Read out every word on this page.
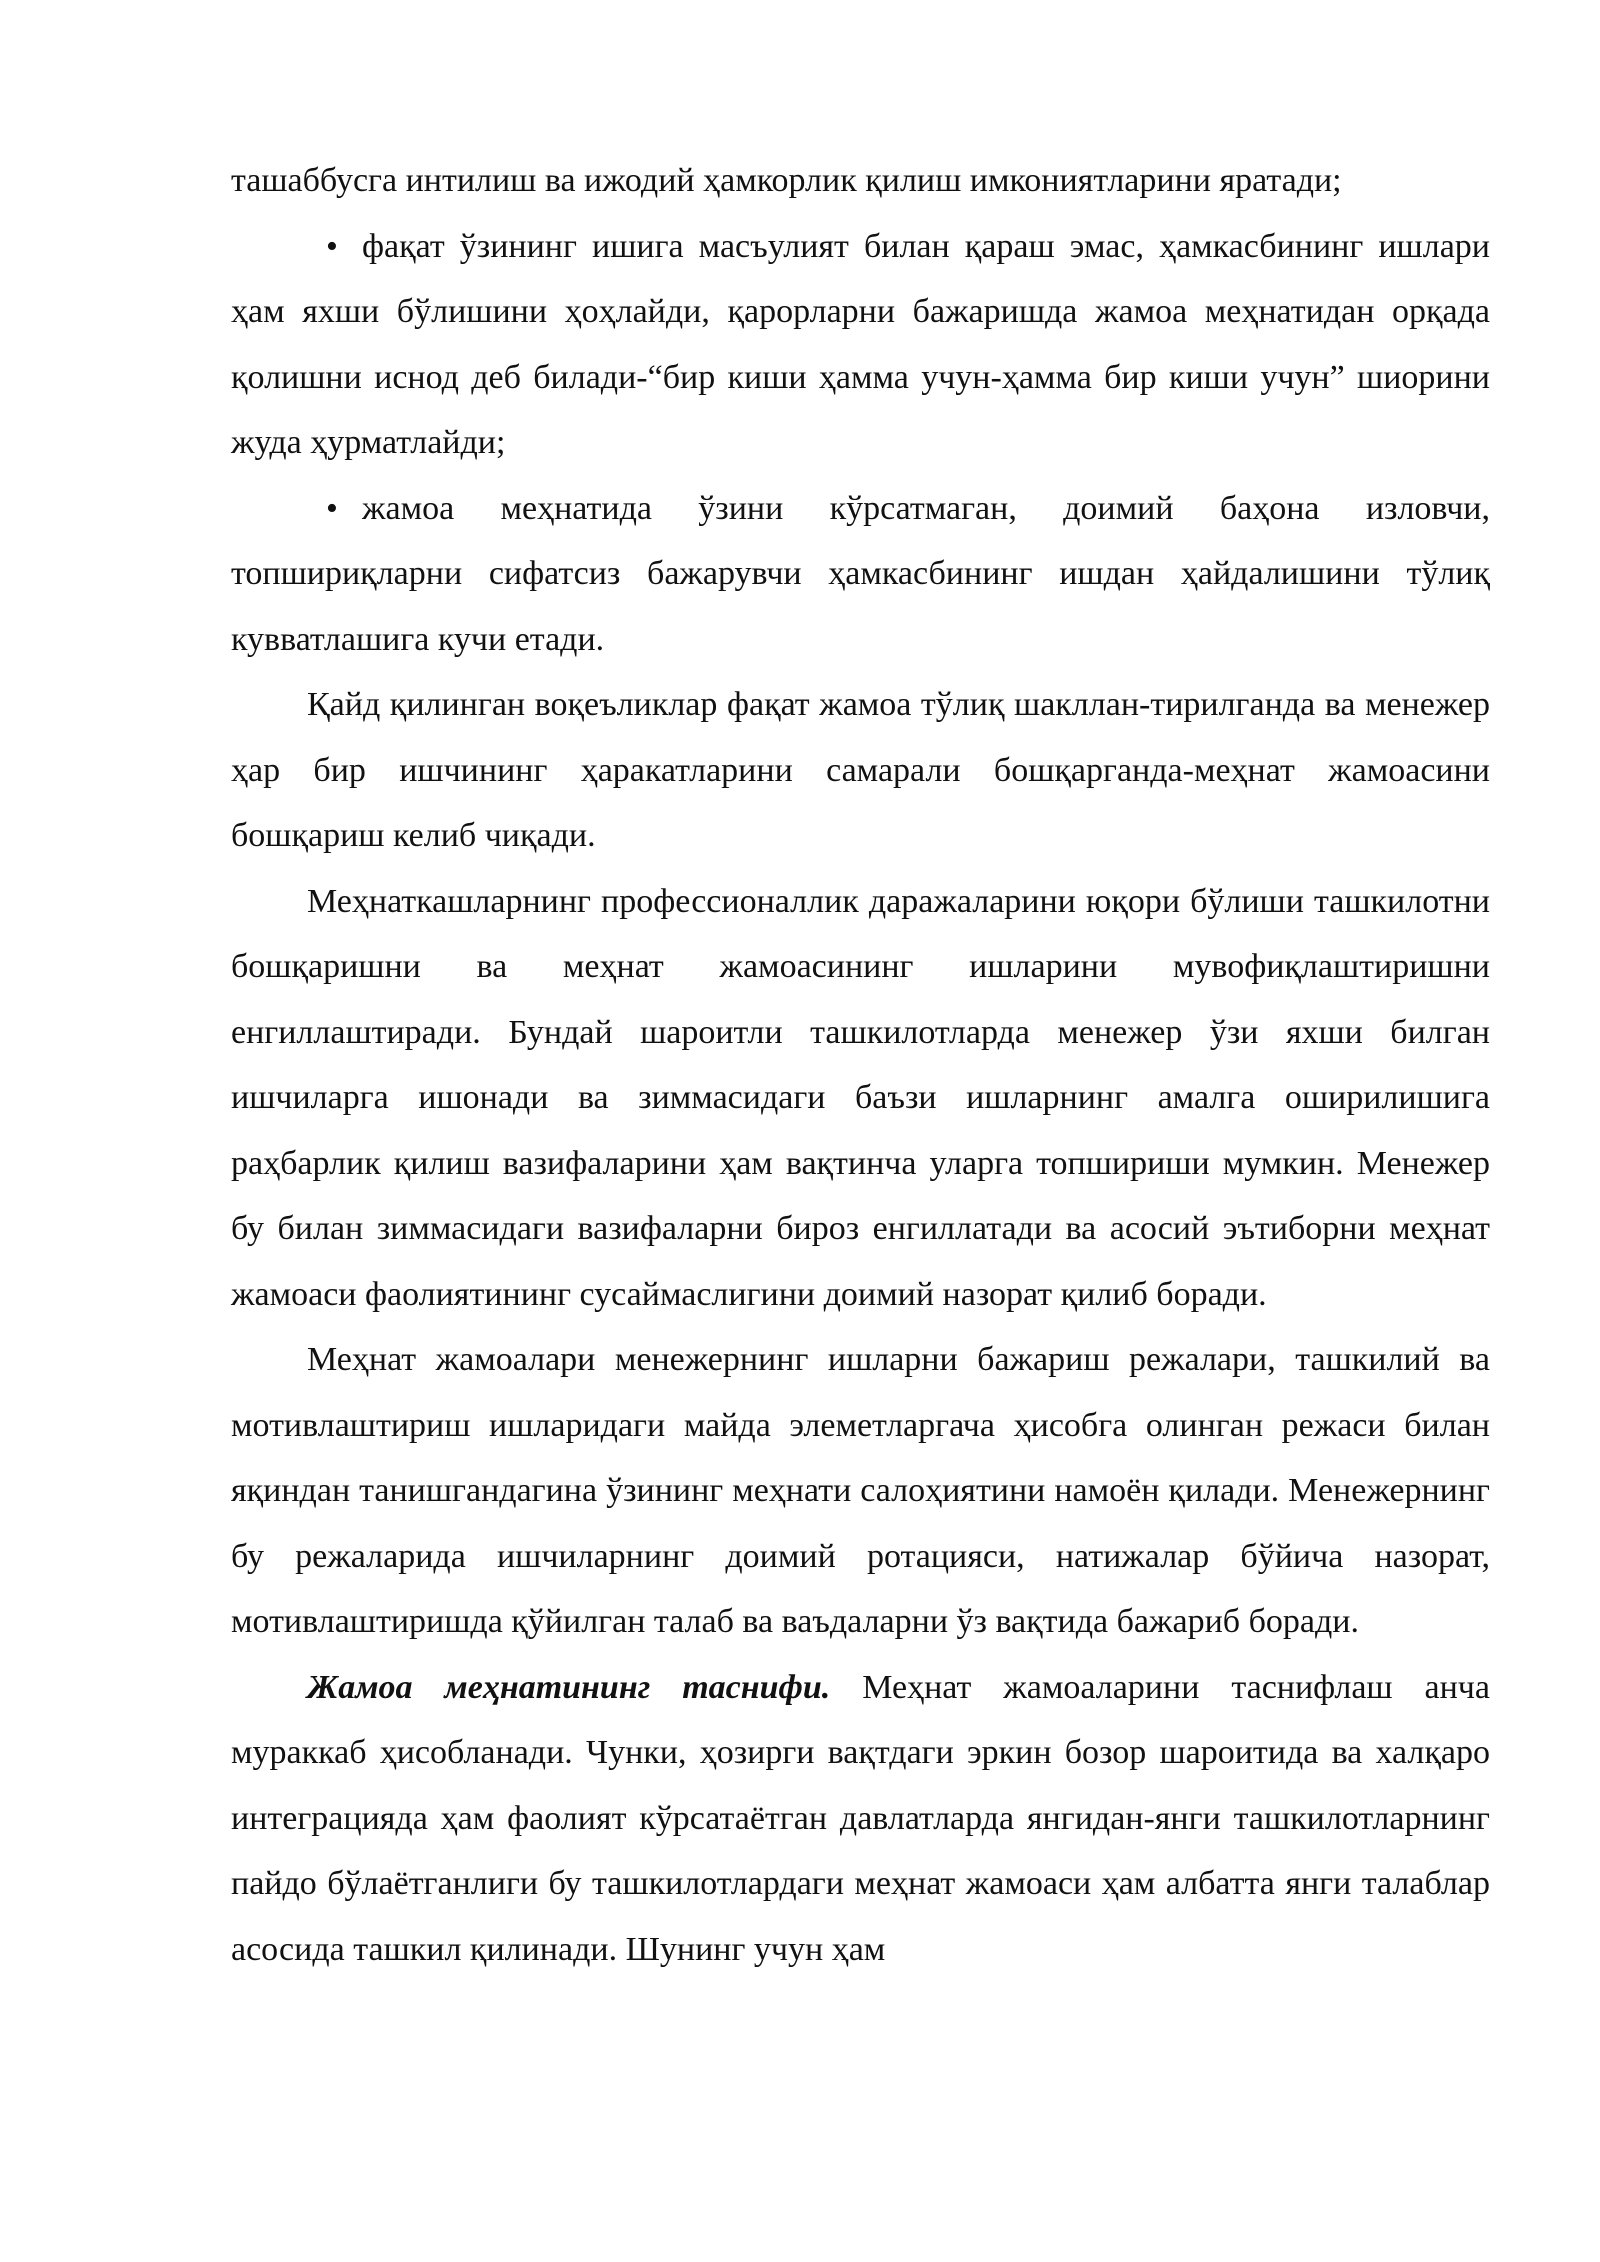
ташаббусга интилиш ва ижодий ҳамкорлик қилиш имкониятларини яратади;

• фақат ўзининг ишига масъулият билан қараш эмас, ҳамкасбининг ишлари ҳам яхши бўлишини ҳоҳлайди, қарорларни бажаришда жамоа меҳнатидан орқада қолишни иснод деб билади-“бир киши ҳамма учун-ҳамма бир киши учун” шиорини жуда ҳурматлайди;

• жамоа меҳнатида ўзини кўрсатмаган, доимий баҳона изловчи, топшириқларни сифатсиз бажарувчи ҳамкасбининг ишдан ҳайдалишини тўлиқ кувватлашига кучи етади.

Қайд қилинган воқеъликлар фақат жамоа тўлиқ шакллан-тирилганда ва менежер ҳар бир ишчининг ҳаракатларини самарали бошқарганда-меҳнат жамоасини бошқариш келиб чиқади.

Меҳнаткашларнинг профессионаллик даражаларини юқори бўлиши ташкилотни бошқаришни ва меҳнат жамоасининг ишларини мувофиқлаштиришни енгиллаштиради. Бундай шароитли ташкилотларда менежер ўзи яхши билган ишчиларга ишонади ва зиммасидаги баъзи ишларнинг амалга оширилишига раҳбарлик қилиш вазифаларини ҳам вақтинча уларга топшириши мумкин. Менежер бу билан зиммасидаги вазифаларни бироз енгиллатади ва асосий эътиборни меҳнат жамоаси фаолиятининг сусаймаслигини доимий назорат қилиб боради.

Меҳнат жамоалари менежернинг ишларни бажариш режалари, ташкилий ва мотивлаштириш ишларидаги майда элеметларгача ҳисобга олинган режаси билан яқиндан танишгандагина ўзининг меҳнати салоҳиятини намоён қилади. Менежернинг бу режаларида ишчиларнинг доимий ротацияси, натижалар бўйича назорат, мотивлаштиришда қўйилган талаб ва ваъдаларни ўз вақтида бажариб боради.

Жамоа меҳнатининг таснифи. Меҳнат жамоаларини таснифлаш анча мураккаб ҳисобланади. Чунки, ҳозирги вақтдаги эркин бозор шароитида ва халқаро интеграцияда ҳам фаолият кўрсатаётган давлатларда янгидан-янги ташкилотларнинг пайдо бўлаётганлиги бу ташкилотлардаги меҳнат жамоаси ҳам албатта янги талаблар асосида ташкил қилинади. Шунинг учун ҳам
